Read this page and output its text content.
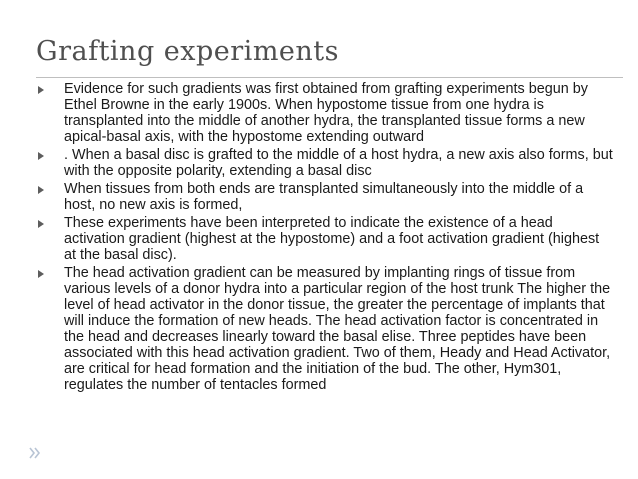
Grafting experiments
Evidence for such gradients was first obtained from grafting experiments begun by Ethel Browne in the early 1900s. When hypostome tissue from one hydra is transplanted into the middle of another hydra, the transplanted tissue forms a new apical-basal axis, with the hypostome extending outward
. When a basal disc is grafted to the middle of a host hydra, a new axis also forms, but with the opposite polarity, extending a basal disc
When tissues from both ends are transplanted simultaneously into the middle of a host, no new axis is formed,
These experiments have been interpreted to indicate the existence of a head activation gradient (highest at the hypostome) and a foot activation gradient (highest at the basal disc).
The head activation gradient can be measured by implanting rings of tissue from various levels of a donor hydra into a particular region of the host trunk The higher the level of head activator in the donor tissue, the greater the percentage of implants that will induce the formation of new heads. The head activation factor is concentrated in the head and decreases linearly toward the basal elise. Three peptides have been associated with this head activation gradient. Two of them, Heady and Head Activator, are critical for head formation and the initiation of the bud. The other, Hym301, regulates the number of tentacles formed
